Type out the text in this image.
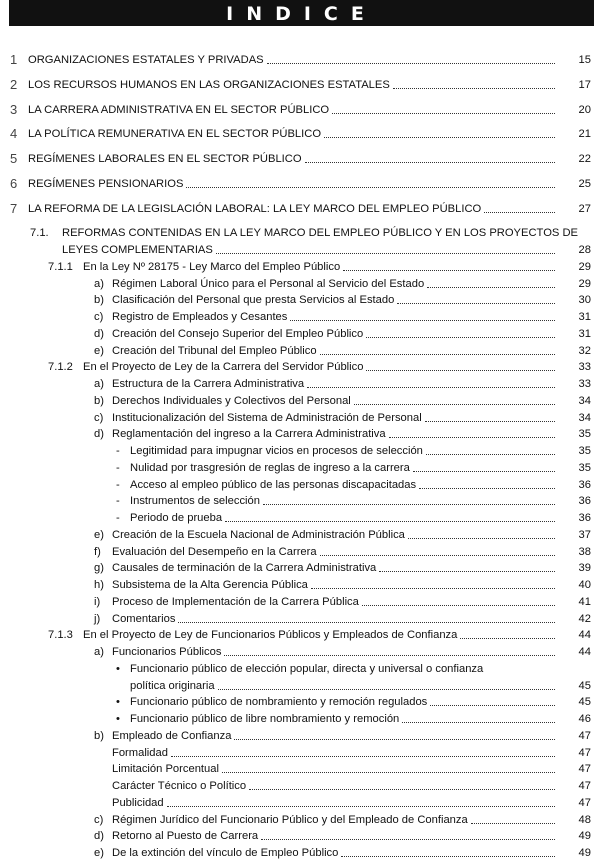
INDICE
1 ORGANIZACIONES ESTATALES Y PRIVADAS	15
2 LOS RECURSOS HUMANOS EN LAS ORGANIZACIONES ESTATALES	17
3 LA CARRERA ADMINISTRATIVA EN EL SECTOR PÚBLICO	20
4 LA POLÍTICA REMUNERATIVA EN EL SECTOR PÚBLICO	21
5 REGÍMENES LABORALES EN EL SECTOR PÚBLICO	22
6 REGÍMENES PENSIONARIOS	25
7 LA REFORMA DE LA LEGISLACIÓN LABORAL: LA LEY MARCO DEL EMPLEO PÚBLICO	27
7.1. REFORMAS CONTENIDAS EN LA LEY MARCO DEL EMPLEO PÚBLICO Y EN LOS PROYECTOS DE
LEYES COMPLEMENTARIAS	28
7.1.1 En la Ley Nº 28175 - Ley Marco del Empleo Público	29
a) Régimen Laboral Único para el Personal al Servicio del Estado	29
b) Clasificación del Personal que presta Servicios al Estado	30
c) Registro de Empleados y Cesantes	31
d) Creación del Consejo Superior del Empleo Público	31
e) Creación del Tribunal del Empleo Público	32
7.1.2 En el Proyecto de Ley de la Carrera del Servidor Público	33
a) Estructura de la Carrera Administrativa	33
b) Derechos Individuales y Colectivos del Personal	34
c) Institucionalización del Sistema de Administración de Personal	34
d) Reglamentación del ingreso a la Carrera Administrativa	35
- Legitimidad para impugnar vicios en procesos de selección	35
- Nulidad por trasgresión de reglas de ingreso a la carrera	35
- Acceso al empleo público de las personas discapacitadas	36
- Instrumentos de selección	36
- Periodo de prueba	36
e) Creación de la Escuela Nacional de Administración Pública	37
f) Evaluación del Desempeño en la Carrera	38
g) Causales de terminación de la Carrera Administrativa	39
h) Subsistema de la Alta Gerencia Pública	40
i) Proceso de Implementación de la Carrera Pública	41
j) Comentarios	42
7.1.3 En el Proyecto de Ley de Funcionarios Públicos y Empleados de Confianza	44
a) Funcionarios Públicos	44
• Funcionario público de elección popular, directa y universal o confianza
política originaria	45
• Funcionario público de nombramiento y remoción regulados	45
• Funcionario público de libre nombramiento y remoción	46
b) Empleado de Confianza	47
Formalidad	47
Limitación Porcentual	47
Carácter Técnico o Político	47
Publicidad	47
c) Régimen Jurídico del Funcionario Público y del Empleado de Confianza	48
d) Retorno al Puesto de Carrera	49
e) De la extinción del vínculo de Empleo Público	49
